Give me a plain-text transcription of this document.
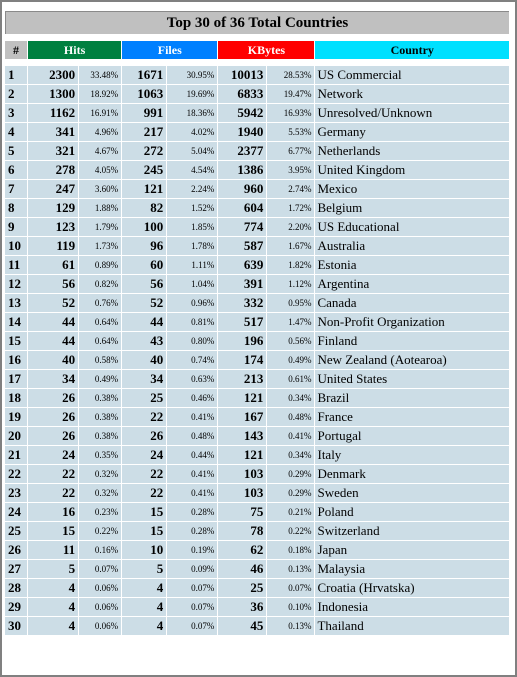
Top 30 of 36 Total Countries							

#	Hits		Files		KBytes		Country

1	2300	33.48%	1671	30.95%	10013	28.53%	US Commercial
2	1300	18.92%	1063	19.69%	6833	19.47%	Network
3	1162	16.91%	991	18.36%	5942	16.93%	Unresolved/Unknown
4	341	4.96%	217	4.02%	1940	5.53%	Germany
5	321	4.67%	272	5.04%	2377	6.77%	Netherlands
6	278	4.05%	245	4.54%	1386	3.95%	United Kingdom
7	247	3.60%	121	2.24%	960	2.74%	Mexico
8	129	1.88%	82	1.52%	604	1.72%	Belgium
9	123	1.79%	100	1.85%	774	2.20%	US Educational
10	119	1.73%	96	1.78%	587	1.67%	Australia
11	61	0.89%	60	1.11%	639	1.82%	Estonia
12	56	0.82%	56	1.04%	391	1.12%	Argentina
13	52	0.76%	52	0.96%	332	0.95%	Canada
14	44	0.64%	44	0.81%	517	1.47%	Non-Profit Organization
15	44	0.64%	43	0.80%	196	0.56%	Finland
16	40	0.58%	40	0.74%	174	0.49%	New Zealand (Aotearoa)
17	34	0.49%	34	0.63%	213	0.61%	United States
18	26	0.38%	25	0.46%	121	0.34%	Brazil
19	26	0.38%	22	0.41%	167	0.48%	France
20	26	0.38%	26	0.48%	143	0.41%	Portugal
21	24	0.35%	24	0.44%	121	0.34%	Italy
22	22	0.32%	22	0.41%	103	0.29%	Denmark
23	22	0.32%	22	0.41%	103	0.29%	Sweden
24	16	0.23%	15	0.28%	75	0.21%	Poland
25	15	0.22%	15	0.28%	78	0.22%	Switzerland
26	11	0.16%	10	0.19%	62	0.18%	Japan
27	5	0.07%	5	0.09%	46	0.13%	Malaysia
28	4	0.06%	4	0.07%	25	0.07%	Croatia (Hrvatska)
29	4	0.06%	4	0.07%	36	0.10%	Indonesia
30	4	0.06%	4	0.07%	45	0.13%	Thailand
